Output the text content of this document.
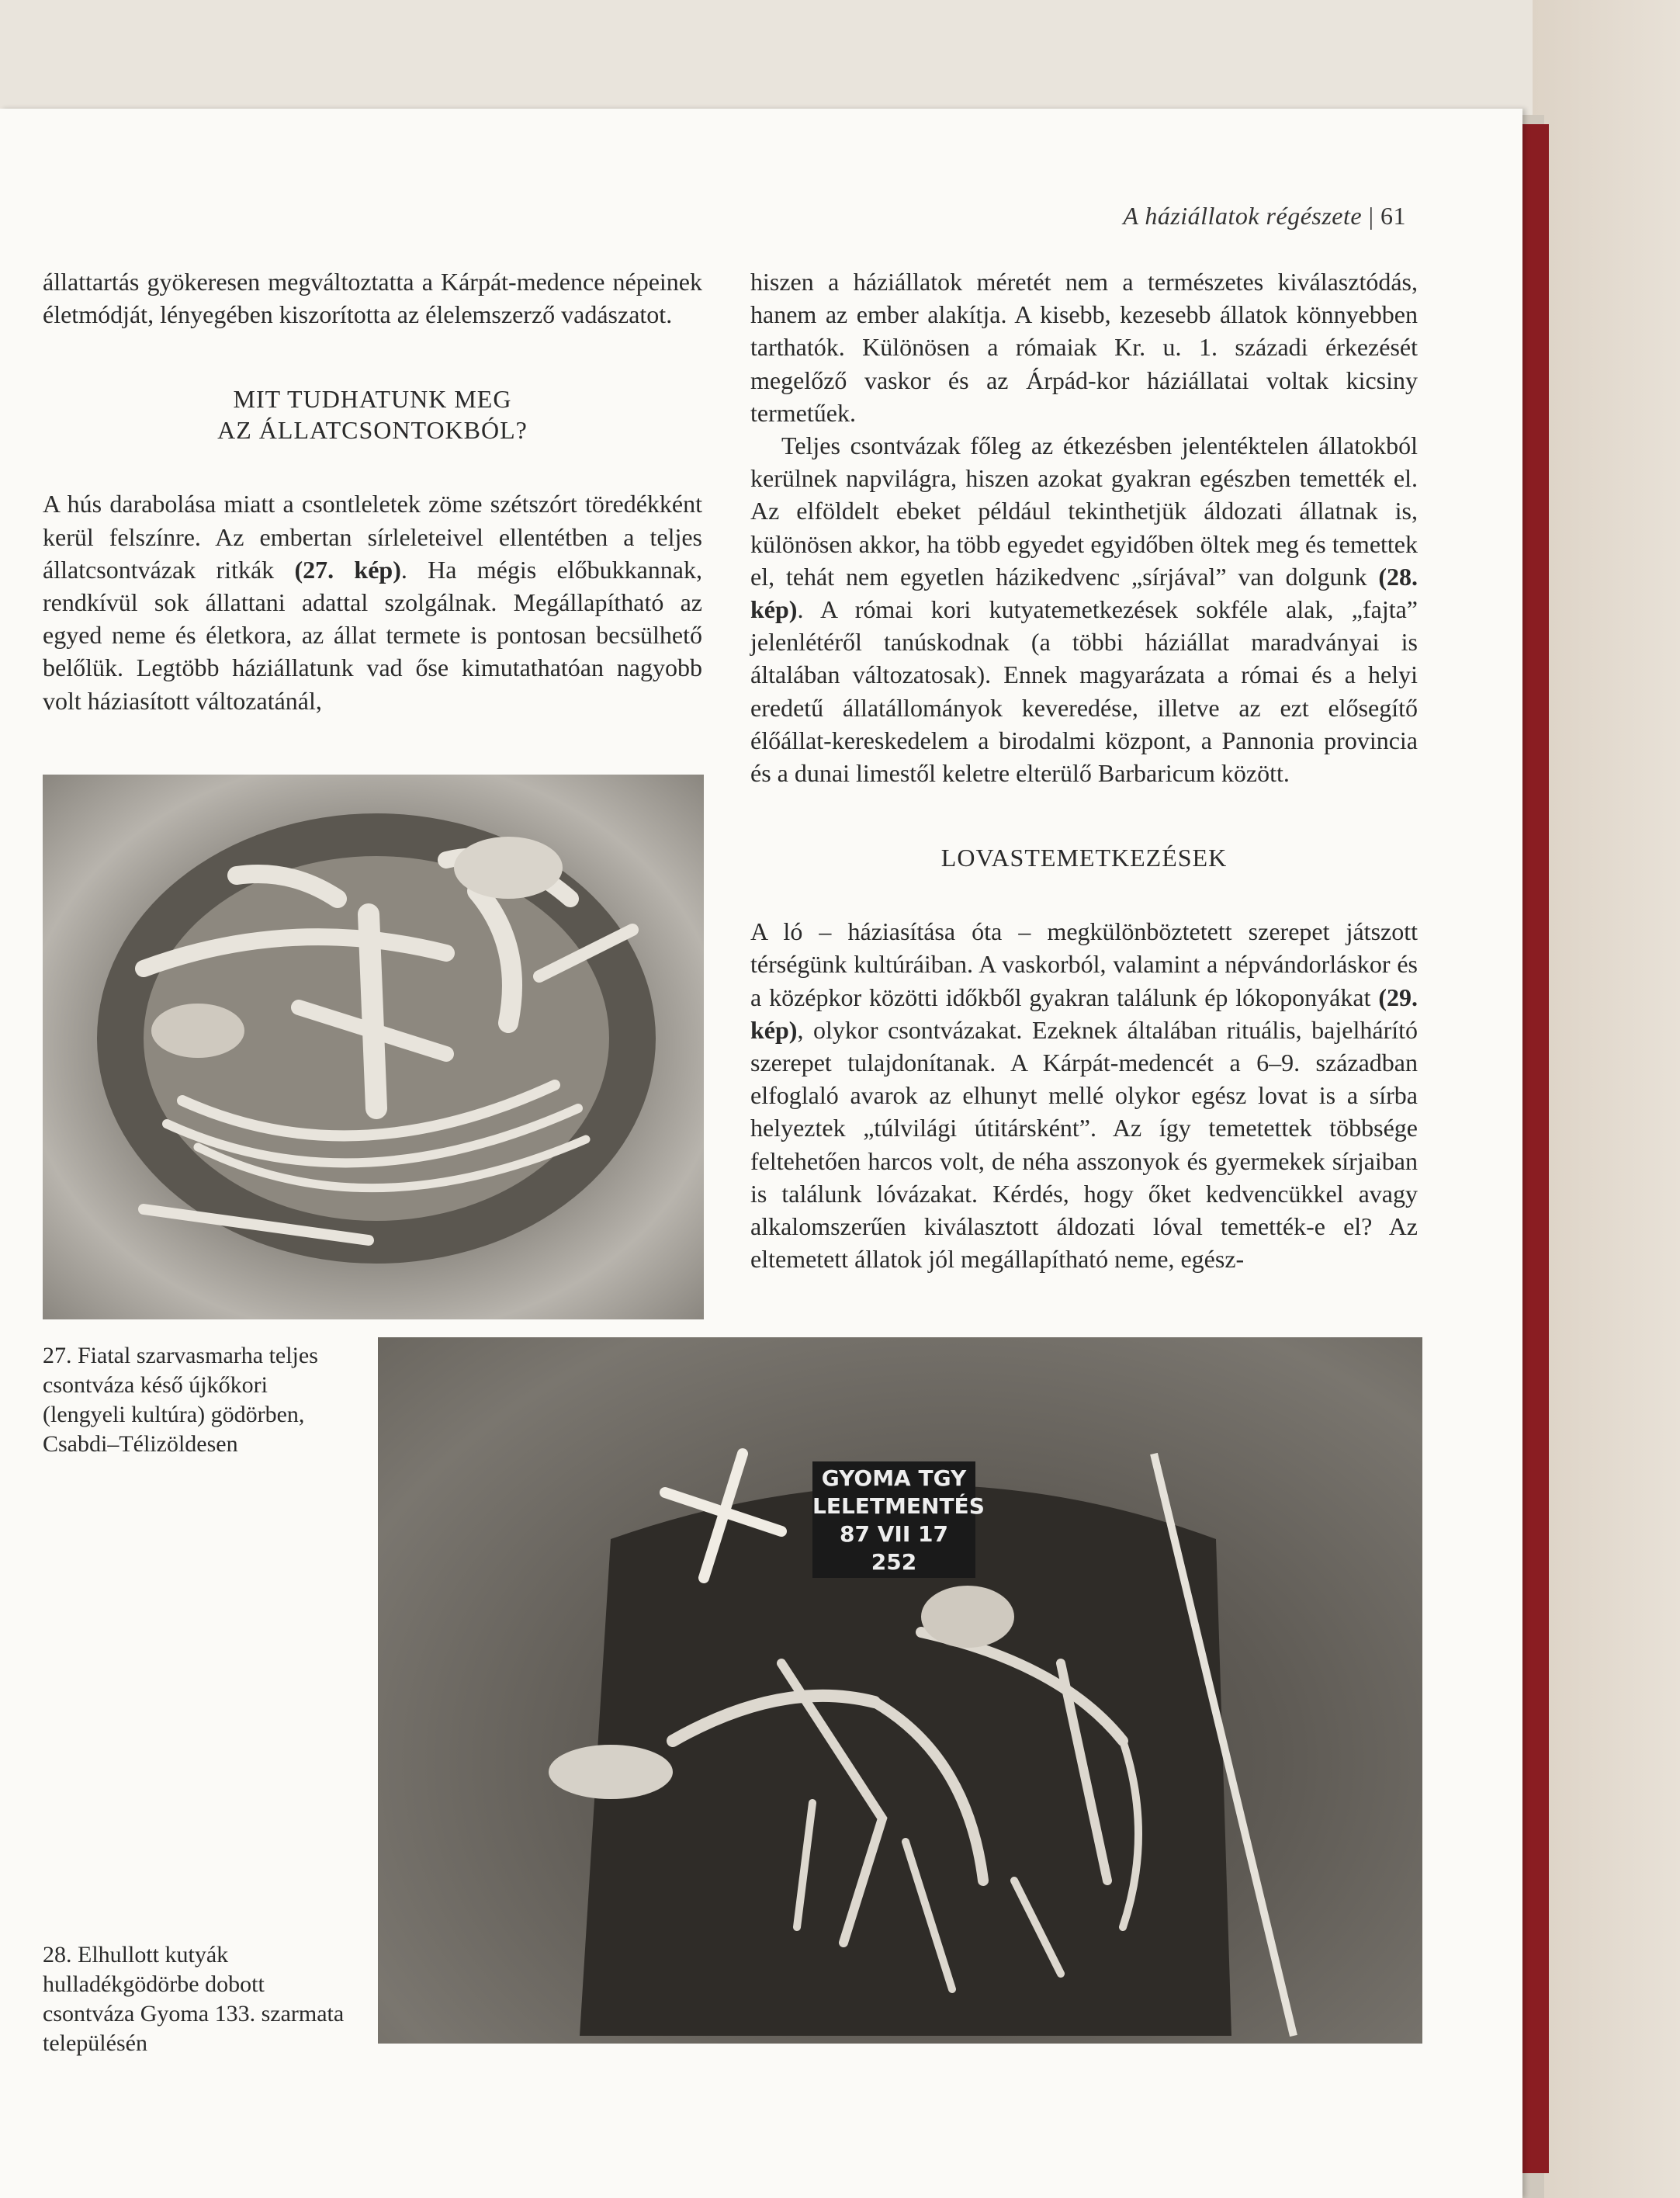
A háziállatok régészete | 61

állattartás gyökeresen megváltoztatta a Kárpát-medence népeinek életmódját, lényegében kiszorította az élelemszerző vadászatot.

MIT TUDHATUNK MEG
AZ ÁLLATCSONTOKBÓL?

A hús darabolása miatt a csontleletek zöme szétszórt töredékként kerül felszínre. Az embertan sírleleteivel ellentétben a teljes állatcsontvázak ritkák (27. kép). Ha mégis előbukkannak, rendkívül sok állattani adattal szolgálnak. Megállapítható az egyed neme és életkora, az állat termete is pontosan becsülhető belőlük. Legtöbb háziállatunk vad őse kimutathatóan nagyobb volt háziasított változatánál,

27. Fiatal szarvasmarha teljes csontváza késő újkőkori (lengyeli kultúra) gödörben, Csabdi–Télizöldesen

hiszen a háziállatok méretét nem a természetes kiválasztódás, hanem az ember alakítja. A kisebb, kezesebb állatok könnyebben tarthatók. Különösen a rómaiak Kr. u. 1. századi érkezését megelőző vaskor és az Árpád-kor háziállatai voltak kicsiny termetűek.

Teljes csontvázak főleg az étkezésben jelentéktelen állatokból kerülnek napvilágra, hiszen azokat gyakran egészben temették el. Az elföldelt ebeket például tekinthetjük áldozati állatnak is, különösen akkor, ha több egyedet egyidőben öltek meg és temettek el, tehát nem egyetlen házikedvenc „sírjával” van dolgunk (28. kép). A római kori kutyatemetkezések sokféle alak, „fajta” jelenlétéről tanúskodnak (a többi háziállat maradványai is általában változatosak). Ennek magyarázata a római és a helyi eredetű állatállományok keveredése, illetve az ezt elősegítő élőállat-kereskedelem a birodalmi központ, a Pannonia provincia és a dunai limestől keletre elterülő Barbaricum között.

LOVASTEMETKEZÉSEK

A ló – háziasítása óta – megkülönböztetett szerepet játszott térségünk kultúráiban. A vaskorból, valamint a népvándorláskor és a középkor közötti időkből gyakran találunk ép lókoponyákat (29. kép), olykor csontvázakat. Ezeknek általában rituális, bajelhárító szerepet tulajdonítanak. A Kárpát-medencét a 6–9. században elfoglaló avarok az elhunyt mellé olykor egész lovat is a sírba helyeztek „túlvilági útitársként”. Az így temetettek többsége feltehetően harcos volt, de néha asszonyok és gyermekek sírjaiban is találunk lóvázakat. Kérdés, hogy őket kedvencükkel avagy alkalomszerűen kiválasztott áldozati lóval temették-e el? Az eltemetett állatok jól megállapítható neme, egész-

GYOMA TGY
LELETMENTÉS
87 VII 17
252
28. Elhullott kutyák hulladékgödörbe dobott csontváza Gyoma 133. szarmata településén
